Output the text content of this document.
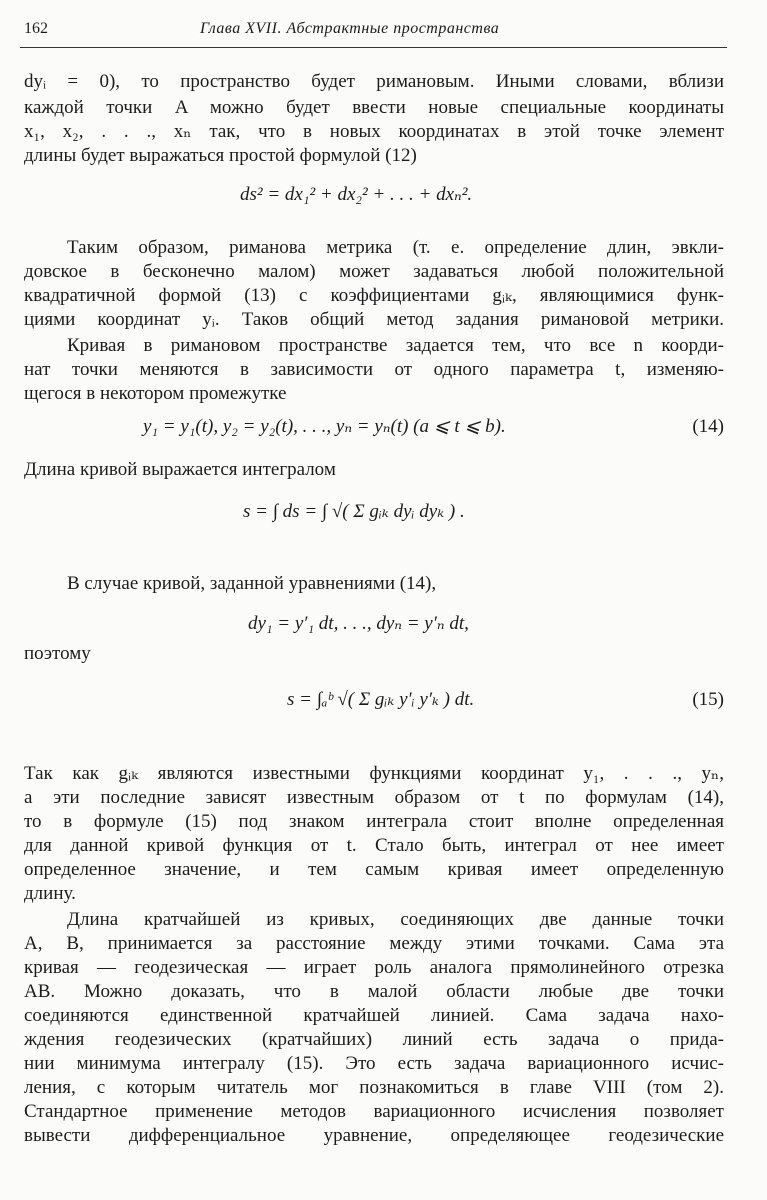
162	Глава XVII. Абстрактные пространства
dyᵢ = 0), то пространство будет римановым. Иными словами, вблизи
каждой точки A можно будет ввести новые специальные координаты
x₁, x₂, . . ., xₙ так, что в новых координатах в этой точке элемент
длины будет выражаться простой формулой (12)
ds² = dx₁² + dx₂² + . . . + dxₙ².
Таким образом, риманова метрика (т. е. определение длин, эвкли-
довское в бесконечно малом) может задаваться любой положительной
квадратичной формой (13) с коэффициентами gᵢₖ, являющимися функ-
циями координат yᵢ. Таков общий метод задания римановой метрики.
Кривая в римановом пространстве задается тем, что все n коорди-
нат точки меняются в зависимости от одного параметра t, изменяю-
щегося в некотором промежутке
y₁ = y₁(t), y₂ = y₂(t), . . ., yₙ = yₙ(t) (a ⩽ t ⩽ b).	(14)
Длина кривой выражается интегралом
s = ∫ ds = ∫ √( Σ gᵢₖ dyᵢ dyₖ ) .
В случае кривой, заданной уравнениями (14),
dy₁ = y′₁ dt, . . ., dyₙ = y′ₙ dt,
поэтому
s = ∫ₐᵇ √( Σ gᵢₖ y′ᵢ y′ₖ ) dt.	(15)
Так как gᵢₖ являются известными функциями координат y₁, . . ., yₙ,
а эти последние зависят известным образом от t по формулам (14),
то в формуле (15) под знаком интеграла стоит вполне определенная
для данной кривой функция от t. Стало быть, интеграл от нее имеет
определенное значение, и тем самым кривая имеет определенную
длину.
Длина кратчайшей из кривых, соединяющих две данные точки
A, B, принимается за расстояние между этими точками. Сама эта
кривая — геодезическая — играет роль аналога прямолинейного отрезка
AB. Можно доказать, что в малой области любые две точки
соединяются единственной кратчайшей линией. Сама задача нахо-
ждения геодезических (кратчайших) линий есть задача о прида-
нии минимума интегралу (15). Это есть задача вариационного исчис-
ления, с которым читатель мог познакомиться в главе VIII (том 2).
Стандартное применение методов вариационного исчисления позволяет
вывести дифференциальное уравнение, определяющее геодезические
